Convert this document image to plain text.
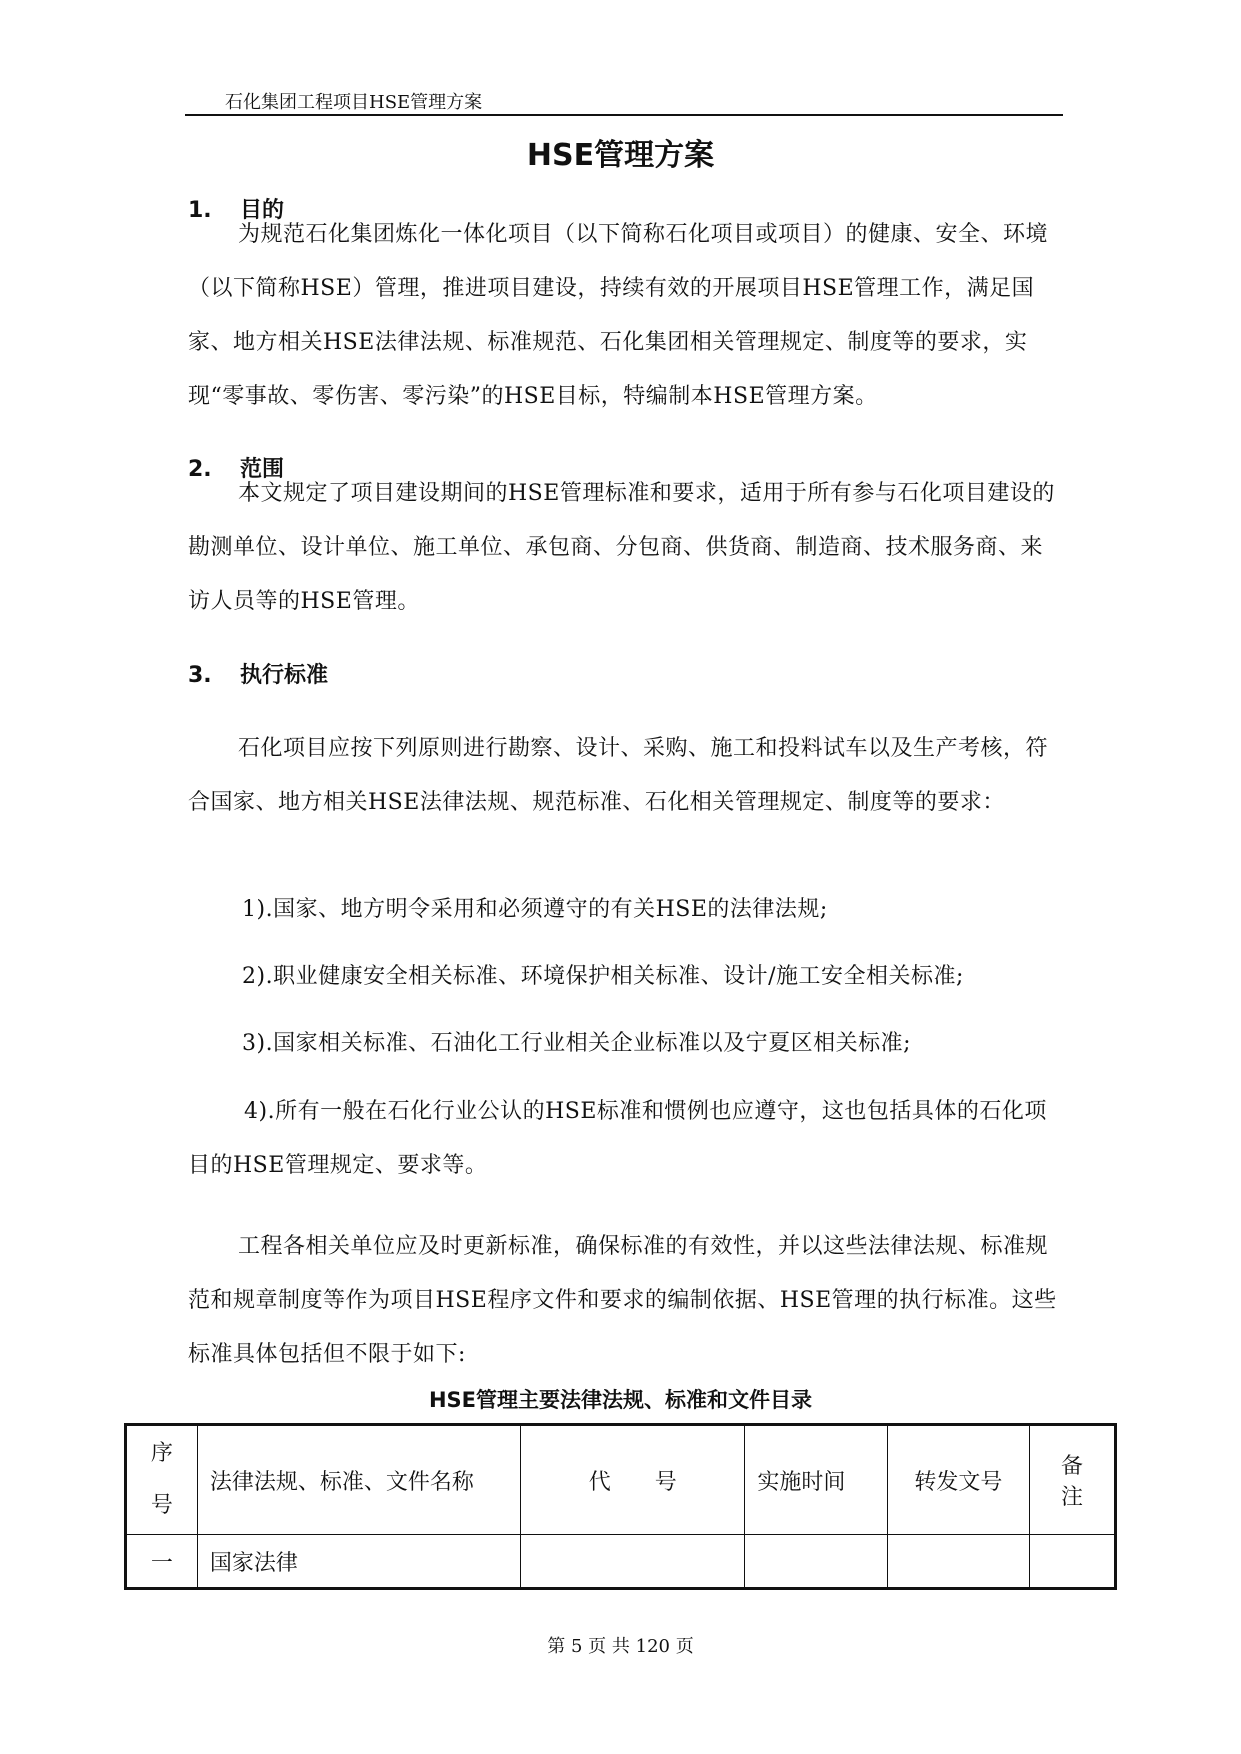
石化集团工程项目HSE管理方案
HSE管理方案
1. 目的
为规范石化集团炼化一体化项目（以下简称石化项目或项目）的健康、安全、环境（以下简称HSE）管理，推进项目建设，持续有效的开展项目HSE管理工作，满足国家、地方相关HSE法律法规、标准规范、石化集团相关管理规定、制度等的要求，实现“零事故、零伤害、零污染”的HSE目标，特编制本HSE管理方案。
2. 范围
本文规定了项目建设期间的HSE管理标准和要求，适用于所有参与石化项目建设的勘测单位、设计单位、施工单位、承包商、分包商、供货商、制造商、技术服务商、来访人员等的HSE管理。
3. 执行标准
石化项目应按下列原则进行勘察、设计、采购、施工和投料试车以及生产考核，符合国家、地方相关HSE法律法规、规范标准、石化相关管理规定、制度等的要求：
1).国家、地方明令采用和必须遵守的有关HSE的法律法规;
2).职业健康安全相关标准、环境保护相关标准、设计/施工安全相关标准;
3).国家相关标准、石油化工行业相关企业标准以及宁夏区相关标准;
4).所有一般在石化行业公认的HSE标准和惯例也应遵守，这也包括具体的石化项目的HSE管理规定、要求等。
工程各相关单位应及时更新标准，确保标准的有效性，并以这些法律法规、标准规范和规章制度等作为项目HSE程序文件和要求的编制依据、HSE管理的执行标准。这些标准具体包括但不限于如下:
HSE管理主要法律法规、标准和文件目录
序
号	法律法规、标准、文件名称	代　　号	实施时间	转发文号	备　注
一	国家法律				
第 5 页 共 120 页
